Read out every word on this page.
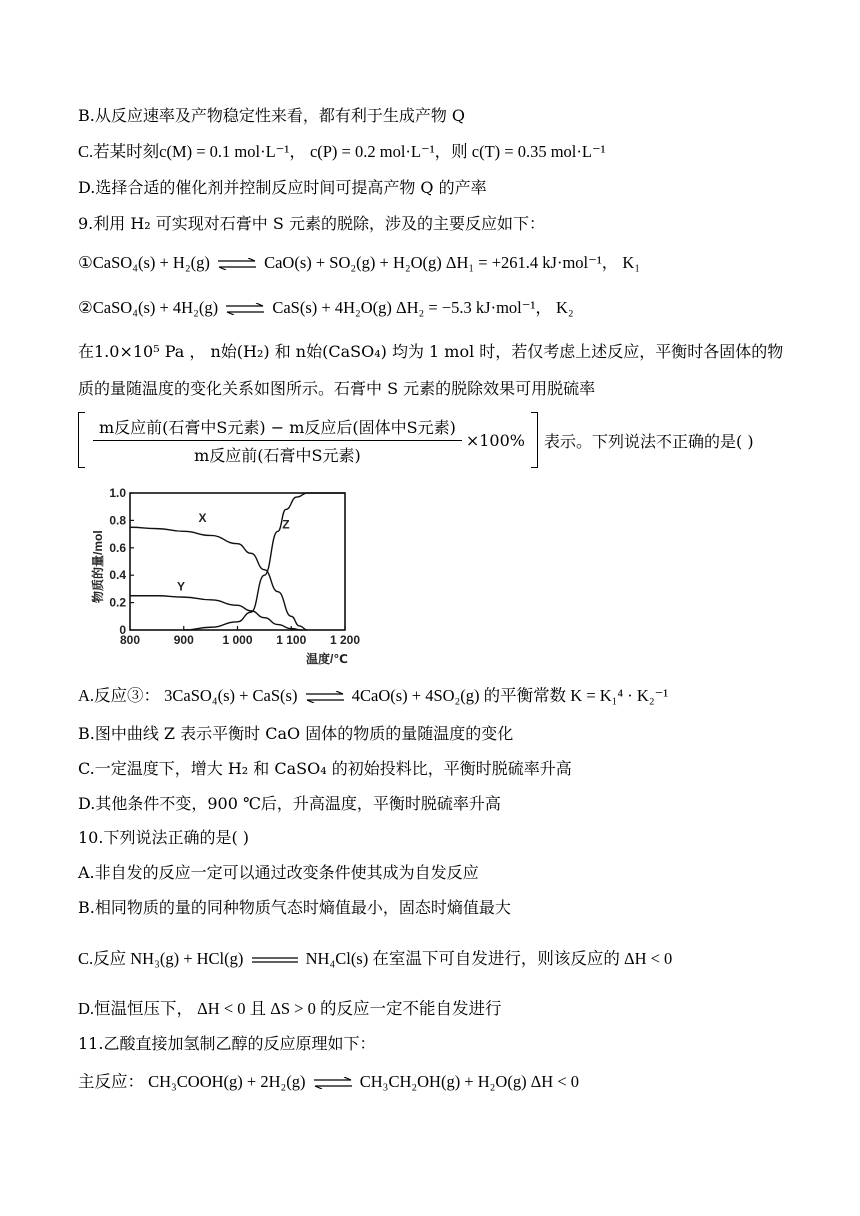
B.从反应速率及产物稳定性来看，都有利于生成产物 Q
C.若某时刻c(M) = 0.1 mol·L⁻¹， c(P) = 0.2 mol·L⁻¹，则 c(T) = 0.35 mol·L⁻¹
D.选择合适的催化剂并控制反应时间可提高产物 Q 的产率
9.利用 H₂ 可实现对石膏中 S 元素的脱除，涉及的主要反应如下：
①CaSO₄(s) + H₂(g) ⇌ CaO(s) + SO₂(g) + H₂O(g) ΔH₁ = +261.4 kJ·mol⁻¹， K₁
②CaSO₄(s) + 4H₂(g) ⇌ CaS(s) + 4H₂O(g) ΔH₂ = −5.3 kJ·mol⁻¹， K₂
在1.0×10⁵ Pa ， n始(H₂) 和 n始(CaSO₄) 均为 1 mol 时，若仅考虑上述反应，平衡时各固体的物
质的量随温度的变化关系如图所示。石膏中 S 元素的脱除效果可用脱硫率
$\frac{\text{m反应前(石膏中S元素) − m反应后(固体中S元素)}}{\text{m反应前(石膏中S元素)}} \times 100\%$ 表示。下列说法不正确的是( )
800	900 1 000 1 100 1 200
0
0.2
0.4
0.6
0.8
1.0
X
Y
Z
温度/℃
物质的量/mol
A.反应③： 3CaSO₄(s) + CaS(s) ⇌ 4CaO(s) + 4SO₂(g) 的平衡常数 K = K₁⁴ · K₂⁻¹
B.图中曲线 Z 表示平衡时 CaO 固体的物质的量随温度的变化
C.一定温度下，增大 H₂ 和 CaSO₄ 的初始投料比，平衡时脱硫率升高
D.其他条件不变，900 ℃后，升高温度，平衡时脱硫率升高
10.下列说法正确的是( )
A.非自发的反应一定可以通过改变条件使其成为自发反应
B.相同物质的量的同种物质气态时熵值最小，固态时熵值最大
C.反应 NH₃(g) + HCl(g)	NH₄Cl(s) 在室温下可自发进行，则该反应的 ΔH < 0
D.恒温恒压下， ΔH < 0 且 ΔS > 0 的反应一定不能自发进行
11.乙酸直接加氢制乙醇的反应原理如下：
主反应： CH₃COOH(g) + 2H₂(g) ⇌ CH₃CH₂OH(g) + H₂O(g) ΔH < 0
